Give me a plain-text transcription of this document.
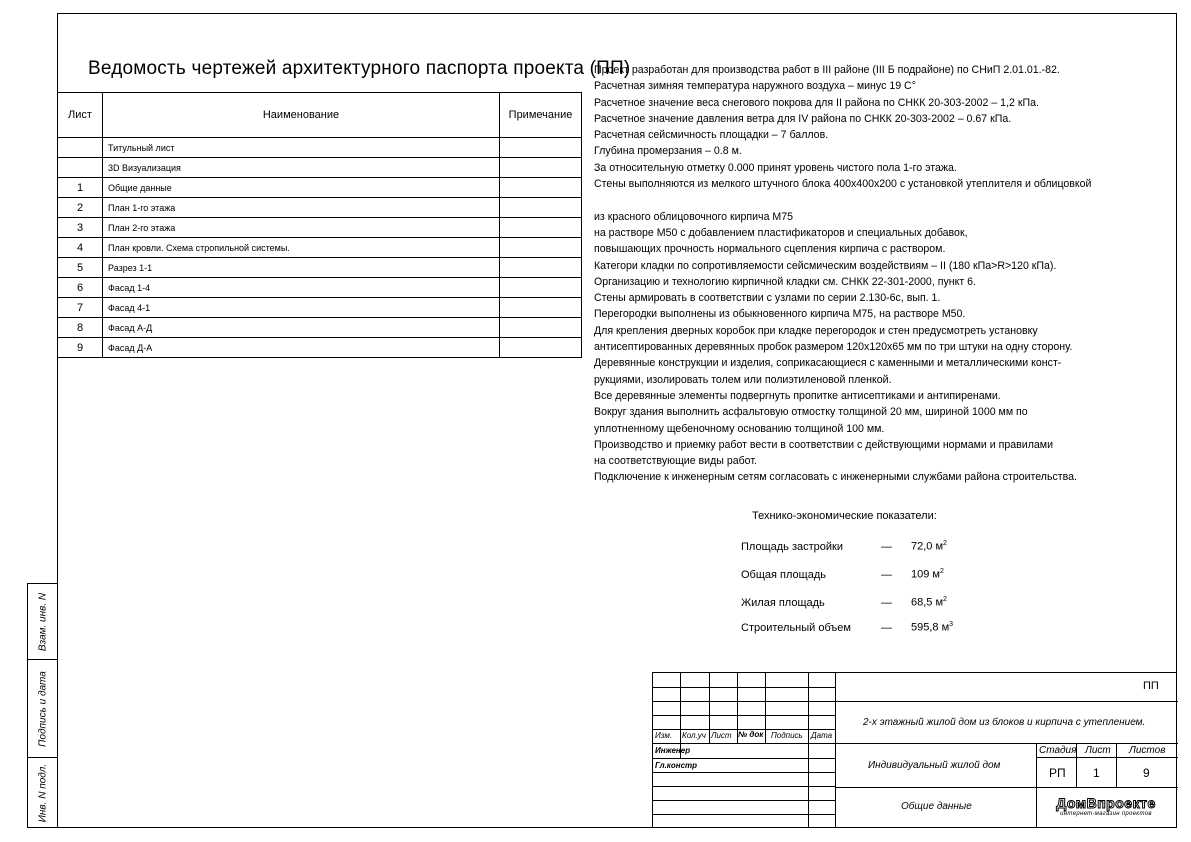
Взам. инв. N
Подпись и дата
Инв. N подл.
Ведомость чертежей архитектурного паспорта проекта (ПП)
Лист	Наименование	Примечание
	Титульный лист	
	3D Визуализация	
1	Общие данные	
2	План 1-го этажа	
3	План 2-го этажа	
4	План кровли. Схема стропильной системы.	
5	Разрез 1-1	
6	Фасад 1-4	
7	Фасад 4-1	
8	Фасад А-Д	
9	Фасад Д-А	
Проект разработан для производства работ в III районе (III Б подрайоне) по СНиП 2.01.01.-82.
Расчетная зимняя температура наружного воздуха – минус 19 С°
Расчетное значение веса снегового покрова для II района по СНКК 20-303-2002 – 1,2 кПа.
Расчетное значение давления ветра для IV района по СНКК 20-303-2002 – 0.67 кПа.
Расчетная сейсмичность площадки – 7 баллов.
Глубина промерзания – 0.8 м.
За относительную отметку 0.000 принят уровень чистого пола 1-го этажа.
Стены выполняются из мелкого штучного блока 400х400х200 с установкой утеплителя и облицовкой

из красного облицовочного кирпича М75
на растворе М50 с добавлением пластификаторов и специальных добавок,
повышающих прочность нормального сцепления кирпича с раствором.
Категори кладки по сопротивляемости сейсмическим воздействиям – II (180 кПа>R>120 кПа).
Организацию и технологию кирпичной кладки см. СНКК 22-301-2000, пункт 6.
Стены армировать в соответствии с узлами по серии 2.130-6с, вып. 1.
Перегородки выполнены из обыкновенного кирпича М75, на растворе М50.
Для крепления дверных коробок при кладке перегородок и стен предусмотреть установку
антисептированных деревянных пробок размером 120х120х65 мм по три штуки на одну сторону.
Деревянные конструкции и изделия, соприкасающиеся с каменными и металлическими конст-
рукциями, изолировать толем или полиэтиленовой пленкой.
Все деревянные элементы подвергнуть пропитке антисептиками и антипиренами.
Вокруг здания выполнить асфальтовую отмостку толщиной 20 мм, шириной 1000 мм по
уплотненному щебеночному основанию толщиной 100 мм.
Производство и приемку работ вести в соответствии с действующими нормами и правилами
на соответствующие виды работ.
Подключение к инженерным сетям согласовать с инженерными службами района строительства.
Технико-экономические показатели:
Площадь застройки	— 72,0 $м^2$
Общая площадь	— 109 $м^2$
Жилая площадь	— 68,5 $м^2$
Строительный объем	— 595,8 $м^3$
Изм. Кол.уч Лист № док Подпись Дата
Инженер
Гл.констр
ПП
2-х этажный жилой дом из блоков и кирпича с утеплением.
Индивидуальный жилой дом
Общие данные
Стадия Лист Листов
РП 1	9
ДомВпроекте
интернет-магазин проектов
